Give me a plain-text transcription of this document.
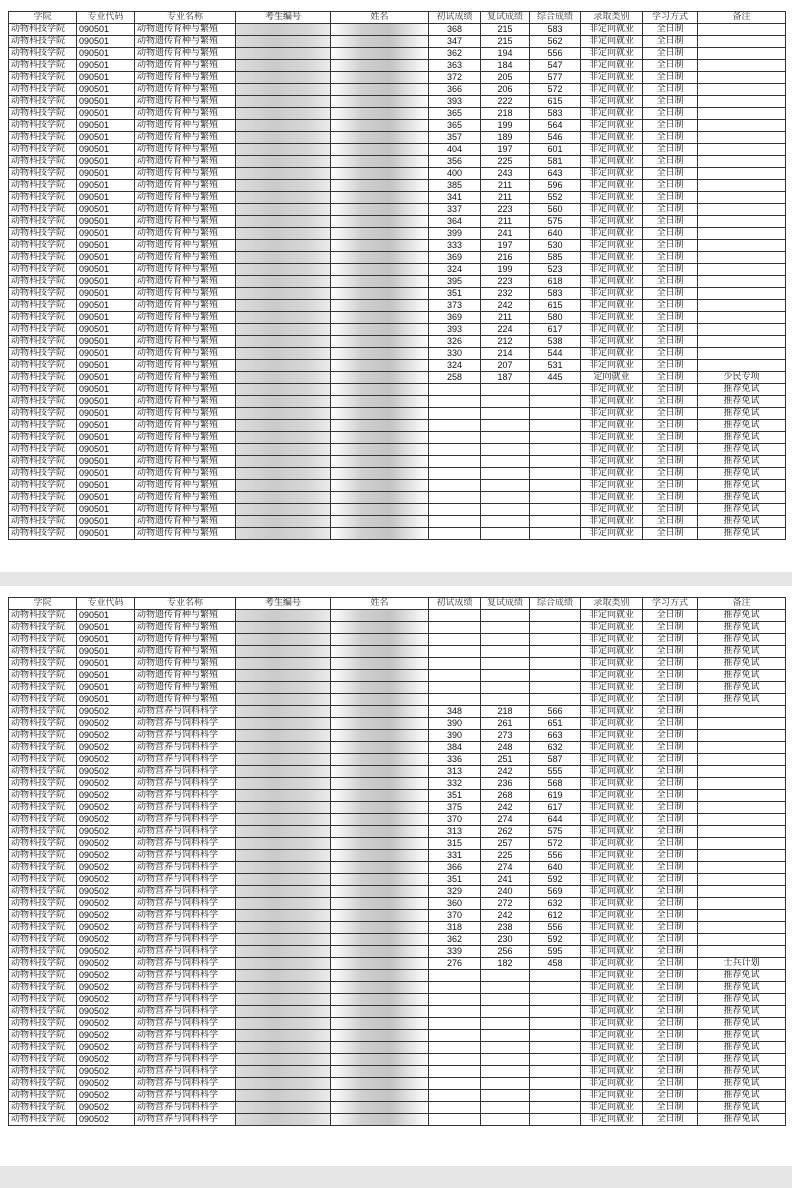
学院	专业代码	专业名称	考生编号	姓名	初试成绩	复试成绩	综合成绩	录取类别	学习方式	备注
动物科技学院	090501	动物遗传育种与繁殖			368	215	583	非定向就业	全日制	
动物科技学院	090501	动物遗传育种与繁殖			347	215	562	非定向就业	全日制	
动物科技学院	090501	动物遗传育种与繁殖			362	194	556	非定向就业	全日制	
动物科技学院	090501	动物遗传育种与繁殖			363	184	547	非定向就业	全日制	
动物科技学院	090501	动物遗传育种与繁殖			372	205	577	非定向就业	全日制	
动物科技学院	090501	动物遗传育种与繁殖			366	206	572	非定向就业	全日制	
动物科技学院	090501	动物遗传育种与繁殖			393	222	615	非定向就业	全日制	
动物科技学院	090501	动物遗传育种与繁殖			365	218	583	非定向就业	全日制	
动物科技学院	090501	动物遗传育种与繁殖			365	199	564	非定向就业	全日制	
动物科技学院	090501	动物遗传育种与繁殖			357	189	546	非定向就业	全日制	
动物科技学院	090501	动物遗传育种与繁殖			404	197	601	非定向就业	全日制	
动物科技学院	090501	动物遗传育种与繁殖			356	225	581	非定向就业	全日制	
动物科技学院	090501	动物遗传育种与繁殖			400	243	643	非定向就业	全日制	
动物科技学院	090501	动物遗传育种与繁殖			385	211	596	非定向就业	全日制	
动物科技学院	090501	动物遗传育种与繁殖			341	211	552	非定向就业	全日制	
动物科技学院	090501	动物遗传育种与繁殖			337	223	560	非定向就业	全日制	
动物科技学院	090501	动物遗传育种与繁殖			364	211	575	非定向就业	全日制	
动物科技学院	090501	动物遗传育种与繁殖			399	241	640	非定向就业	全日制	
动物科技学院	090501	动物遗传育种与繁殖			333	197	530	非定向就业	全日制	
动物科技学院	090501	动物遗传育种与繁殖			369	216	585	非定向就业	全日制	
动物科技学院	090501	动物遗传育种与繁殖			324	199	523	非定向就业	全日制	
动物科技学院	090501	动物遗传育种与繁殖			395	223	618	非定向就业	全日制	
动物科技学院	090501	动物遗传育种与繁殖			351	232	583	非定向就业	全日制	
动物科技学院	090501	动物遗传育种与繁殖			373	242	615	非定向就业	全日制	
动物科技学院	090501	动物遗传育种与繁殖			369	211	580	非定向就业	全日制	
动物科技学院	090501	动物遗传育种与繁殖			393	224	617	非定向就业	全日制	
动物科技学院	090501	动物遗传育种与繁殖			326	212	538	非定向就业	全日制	
动物科技学院	090501	动物遗传育种与繁殖			330	214	544	非定向就业	全日制	
动物科技学院	090501	动物遗传育种与繁殖			324	207	531	非定向就业	全日制	
动物科技学院	090501	动物遗传育种与繁殖			258	187	445	定向就业	全日制	少民专项
动物科技学院	090501	动物遗传育种与繁殖						非定向就业	全日制	推荐免试
动物科技学院	090501	动物遗传育种与繁殖						非定向就业	全日制	推荐免试
动物科技学院	090501	动物遗传育种与繁殖						非定向就业	全日制	推荐免试
动物科技学院	090501	动物遗传育种与繁殖						非定向就业	全日制	推荐免试
动物科技学院	090501	动物遗传育种与繁殖						非定向就业	全日制	推荐免试
动物科技学院	090501	动物遗传育种与繁殖						非定向就业	全日制	推荐免试
动物科技学院	090501	动物遗传育种与繁殖						非定向就业	全日制	推荐免试
动物科技学院	090501	动物遗传育种与繁殖						非定向就业	全日制	推荐免试
动物科技学院	090501	动物遗传育种与繁殖						非定向就业	全日制	推荐免试
动物科技学院	090501	动物遗传育种与繁殖						非定向就业	全日制	推荐免试
动物科技学院	090501	动物遗传育种与繁殖						非定向就业	全日制	推荐免试
动物科技学院	090501	动物遗传育种与繁殖						非定向就业	全日制	推荐免试
动物科技学院	090501	动物遗传育种与繁殖						非定向就业	全日制	推荐免试
学院	专业代码	专业名称	考生编号	姓名	初试成绩	复试成绩	综合成绩	录取类别	学习方式	备注
动物科技学院	090501	动物遗传育种与繁殖						非定向就业	全日制	推荐免试
动物科技学院	090501	动物遗传育种与繁殖						非定向就业	全日制	推荐免试
动物科技学院	090501	动物遗传育种与繁殖						非定向就业	全日制	推荐免试
动物科技学院	090501	动物遗传育种与繁殖						非定向就业	全日制	推荐免试
动物科技学院	090501	动物遗传育种与繁殖						非定向就业	全日制	推荐免试
动物科技学院	090501	动物遗传育种与繁殖						非定向就业	全日制	推荐免试
动物科技学院	090501	动物遗传育种与繁殖						非定向就业	全日制	推荐免试
动物科技学院	090501	动物遗传育种与繁殖						非定向就业	全日制	推荐免试
动物科技学院	090502	动物营养与饲料科学			348	218	566	非定向就业	全日制	
动物科技学院	090502	动物营养与饲料科学			390	261	651	非定向就业	全日制	
动物科技学院	090502	动物营养与饲料科学			390	273	663	非定向就业	全日制	
动物科技学院	090502	动物营养与饲料科学			384	248	632	非定向就业	全日制	
动物科技学院	090502	动物营养与饲料科学			336	251	587	非定向就业	全日制	
动物科技学院	090502	动物营养与饲料科学			313	242	555	非定向就业	全日制	
动物科技学院	090502	动物营养与饲料科学			332	236	568	非定向就业	全日制	
动物科技学院	090502	动物营养与饲料科学			351	268	619	非定向就业	全日制	
动物科技学院	090502	动物营养与饲料科学			375	242	617	非定向就业	全日制	
动物科技学院	090502	动物营养与饲料科学			370	274	644	非定向就业	全日制	
动物科技学院	090502	动物营养与饲料科学			313	262	575	非定向就业	全日制	
动物科技学院	090502	动物营养与饲料科学			315	257	572	非定向就业	全日制	
动物科技学院	090502	动物营养与饲料科学			331	225	556	非定向就业	全日制	
动物科技学院	090502	动物营养与饲料科学			366	274	640	非定向就业	全日制	
动物科技学院	090502	动物营养与饲料科学			351	241	592	非定向就业	全日制	
动物科技学院	090502	动物营养与饲料科学			329	240	569	非定向就业	全日制	
动物科技学院	090502	动物营养与饲料科学			360	272	632	非定向就业	全日制	
动物科技学院	090502	动物营养与饲料科学			370	242	612	非定向就业	全日制	
动物科技学院	090502	动物营养与饲料科学			318	238	556	非定向就业	全日制	
动物科技学院	090502	动物营养与饲料科学			362	230	592	非定向就业	全日制	
动物科技学院	090502	动物营养与饲料科学			339	256	595	非定向就业	全日制	
动物科技学院	090502	动物营养与饲料科学			276	182	458	非定向就业	全日制	士兵计划
动物科技学院	090502	动物营养与饲料科学						非定向就业	全日制	推荐免试
动物科技学院	090502	动物营养与饲料科学						非定向就业	全日制	推荐免试
动物科技学院	090502	动物营养与饲料科学						非定向就业	全日制	推荐免试
动物科技学院	090502	动物营养与饲料科学						非定向就业	全日制	推荐免试
动物科技学院	090502	动物营养与饲料科学						非定向就业	全日制	推荐免试
动物科技学院	090502	动物营养与饲料科学						非定向就业	全日制	推荐免试
动物科技学院	090502	动物营养与饲料科学						非定向就业	全日制	推荐免试
动物科技学院	090502	动物营养与饲料科学						非定向就业	全日制	推荐免试
动物科技学院	090502	动物营养与饲料科学						非定向就业	全日制	推荐免试
动物科技学院	090502	动物营养与饲料科学						非定向就业	全日制	推荐免试
动物科技学院	090502	动物营养与饲料科学						非定向就业	全日制	推荐免试
动物科技学院	090502	动物营养与饲料科学						非定向就业	全日制	推荐免试
动物科技学院	090502	动物营养与饲料科学						非定向就业	全日制	推荐免试
